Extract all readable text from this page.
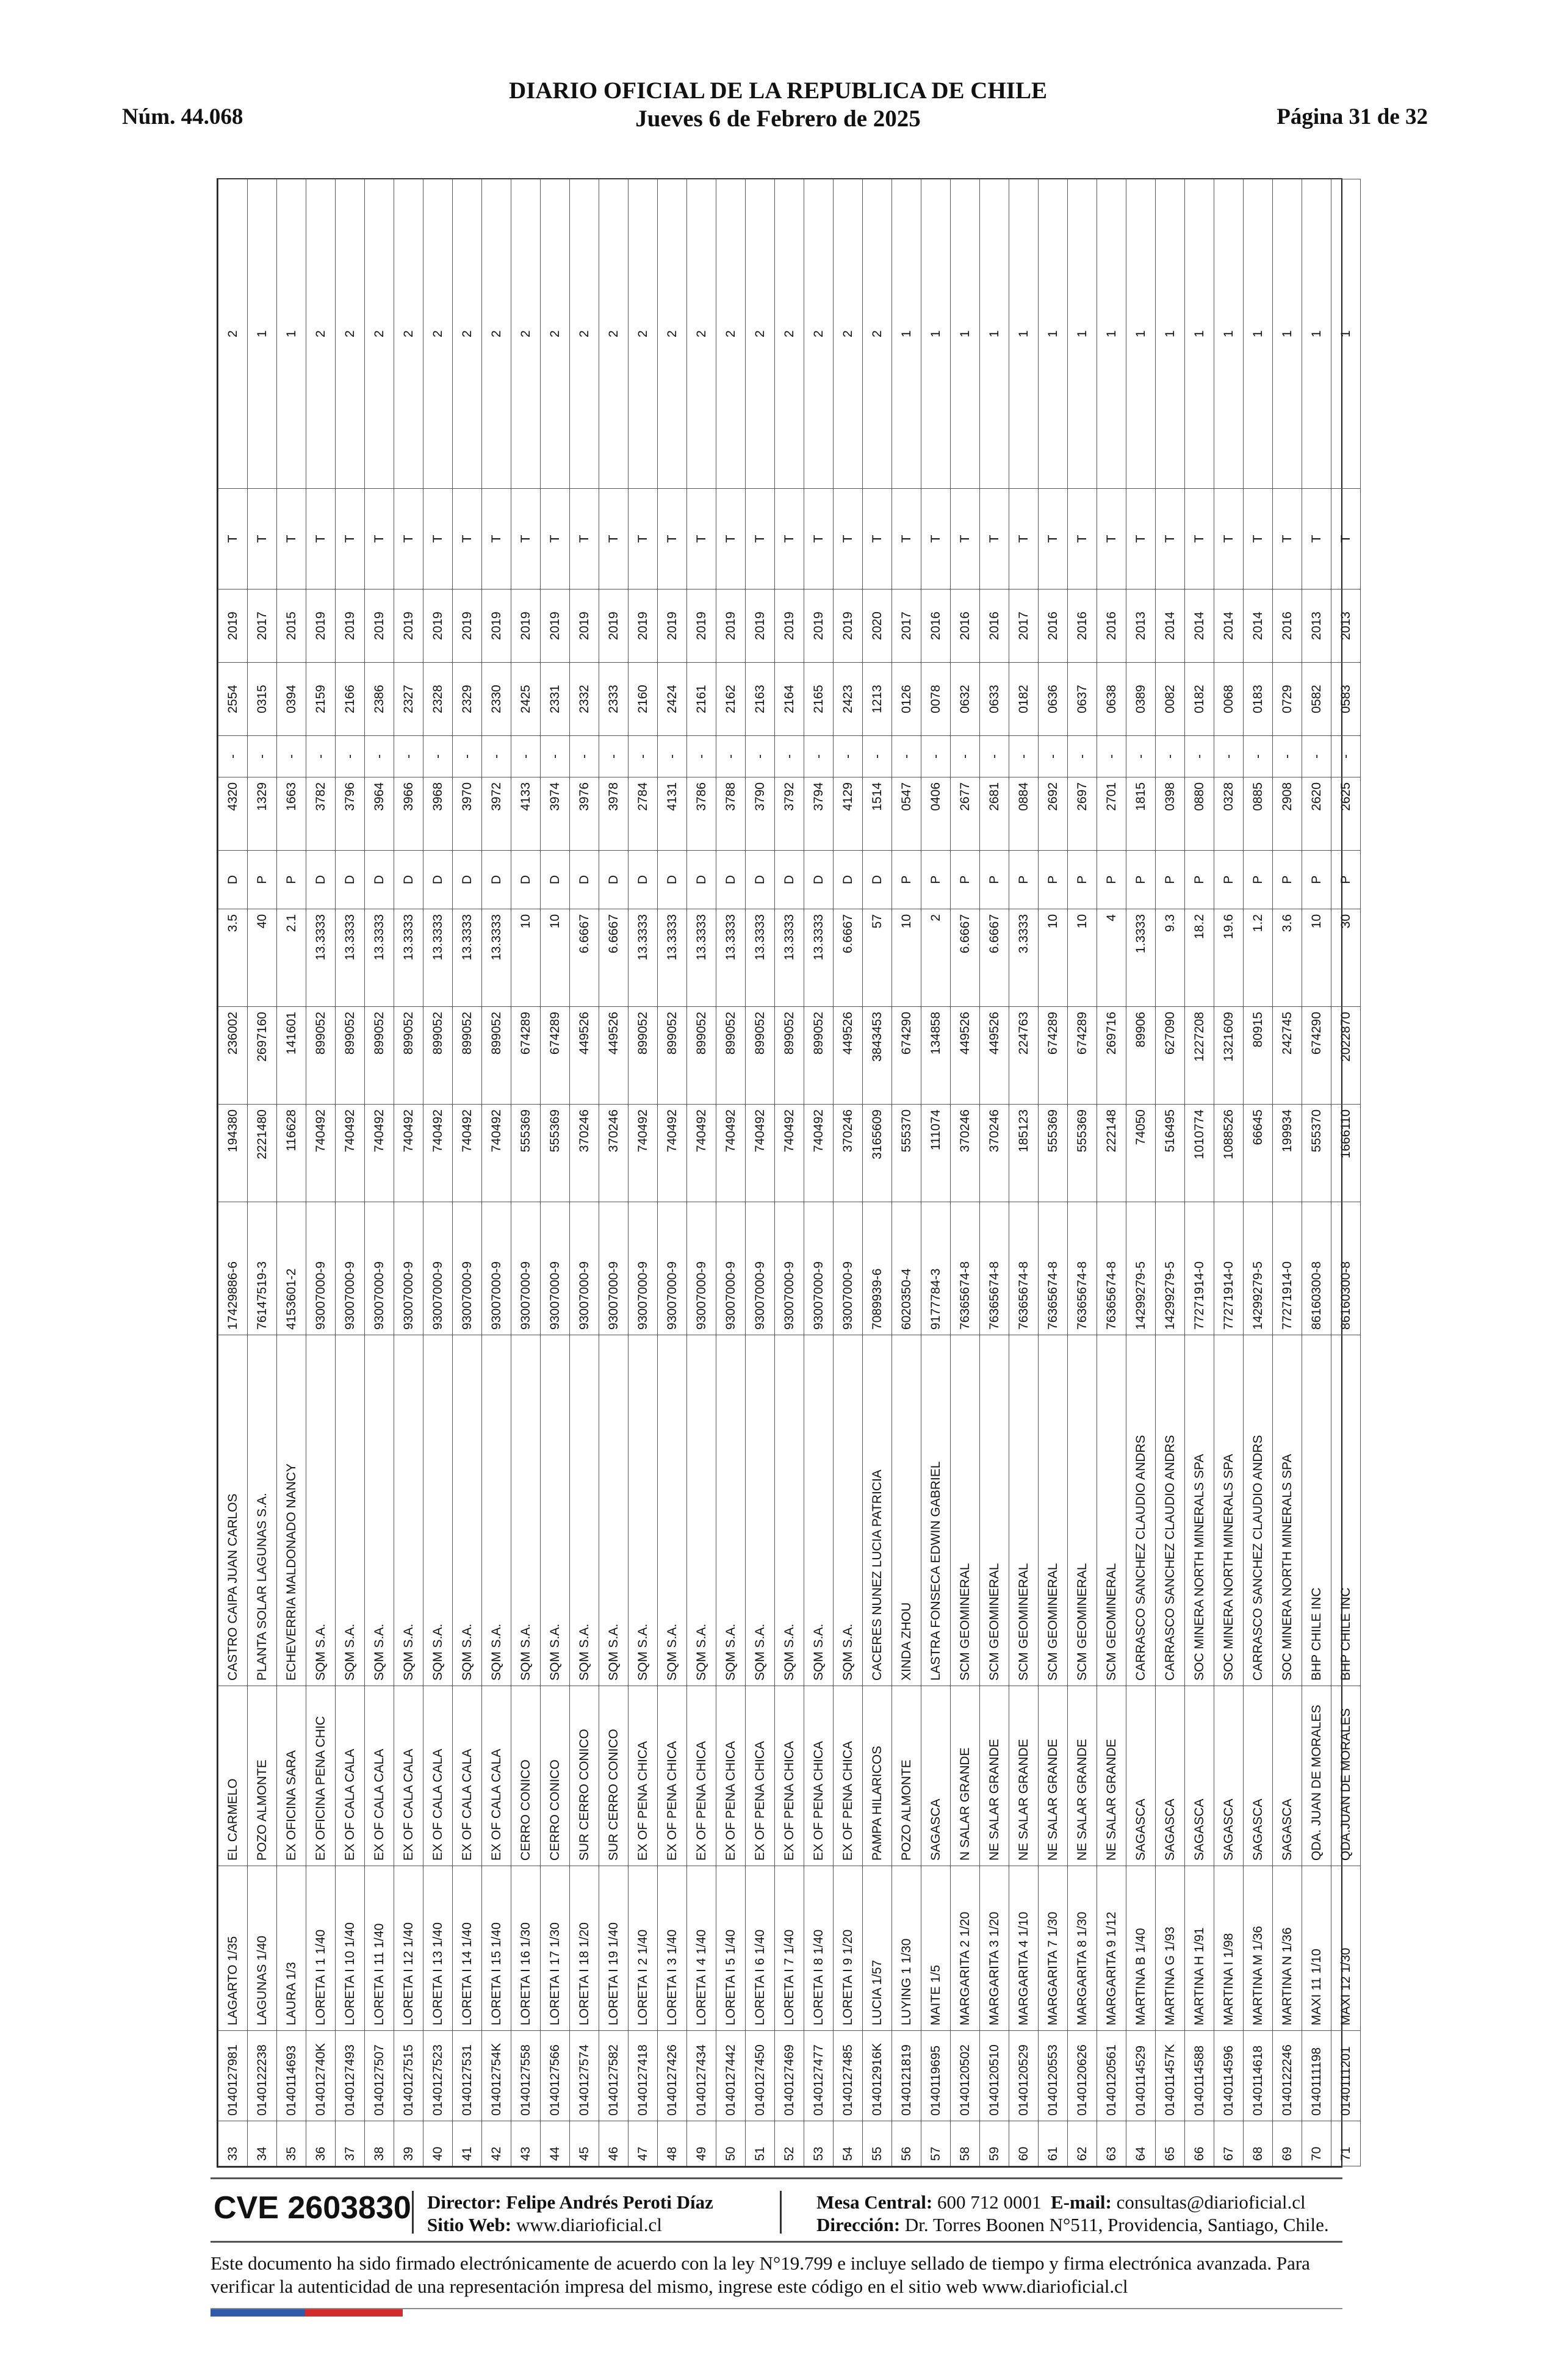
Núm. 44.068
DIARIO OFICIAL DE LA REPUBLICA DE CHILE
Jueves 6 de Febrero de 2025	Página 31 de 32
33	0140127981	LAGARTO 1/35	EL CARMELO	CASTRO CAIPA JUAN CARLOS	17429886-6	194380	236002	3.5	D	4320	-	2554	2019	T	2
34	0140122238	LAGUNAS 1/40	POZO ALMONTE	PLANTA SOLAR LAGUNAS S.A.	76147519-3	2221480	2697160	40	P	1329	-	0315	2017	T	1
35	0140114693	LAURA 1/3	EX OFICINA SARA	ECHEVERRIA MALDONADO NANCY	4153601-2	116628	141601	2.1	P	1663	-	0394	2015	T	1
36	014012740K	LORETA I 1 1/40	EX OFICINA PENA CHIC	SQM S.A.	93007000-9	740492	899052	13.3333	D	3782	-	2159	2019	T	2
37	0140127493	LORETA I 10 1/40	EX OF CALA CALA	SQM S.A.	93007000-9	740492	899052	13.3333	D	3796	-	2166	2019	T	2
38	0140127507	LORETA I 11 1/40	EX OF CALA CALA	SQM S.A.	93007000-9	740492	899052	13.3333	D	3964	-	2386	2019	T	2
39	0140127515	LORETA I 12 1/40	EX OF CALA CALA	SQM S.A.	93007000-9	740492	899052	13.3333	D	3966	-	2327	2019	T	2
40	0140127523	LORETA I 13 1/40	EX OF CALA CALA	SQM S.A.	93007000-9	740492	899052	13.3333	D	3968	-	2328	2019	T	2
41	0140127531	LORETA I 14 1/40	EX OF CALA CALA	SQM S.A.	93007000-9	740492	899052	13.3333	D	3970	-	2329	2019	T	2
42	014012754K	LORETA I 15 1/40	EX OF CALA CALA	SQM S.A.	93007000-9	740492	899052	13.3333	D	3972	-	2330	2019	T	2
43	0140127558	LORETA I 16 1/30	CERRO CONICO	SQM S.A.	93007000-9	555369	674289	10	D	4133	-	2425	2019	T	2
44	0140127566	LORETA I 17 1/30	CERRO CONICO	SQM S.A.	93007000-9	555369	674289	10	D	3974	-	2331	2019	T	2
45	0140127574	LORETA I 18 1/20	SUR CERRO CONICO	SQM S.A.	93007000-9	370246	449526	6.6667	D	3976	-	2332	2019	T	2
46	0140127582	LORETA I 19 1/40	SUR CERRO CONICO	SQM S.A.	93007000-9	370246	449526	6.6667	D	3978	-	2333	2019	T	2
47	0140127418	LORETA I 2 1/40	EX OF PENA CHICA	SQM S.A.	93007000-9	740492	899052	13.3333	D	2784	-	2160	2019	T	2
48	0140127426	LORETA I 3 1/40	EX OF PENA CHICA	SQM S.A.	93007000-9	740492	899052	13.3333	D	4131	-	2424	2019	T	2
49	0140127434	LORETA I 4 1/40	EX OF PENA CHICA	SQM S.A.	93007000-9	740492	899052	13.3333	D	3786	-	2161	2019	T	2
50	0140127442	LORETA I 5 1/40	EX OF PENA CHICA	SQM S.A.	93007000-9	740492	899052	13.3333	D	3788	-	2162	2019	T	2
51	0140127450	LORETA I 6 1/40	EX OF PENA CHICA	SQM S.A.	93007000-9	740492	899052	13.3333	D	3790	-	2163	2019	T	2
52	0140127469	LORETA I 7 1/40	EX OF PENA CHICA	SQM S.A.	93007000-9	740492	899052	13.3333	D	3792	-	2164	2019	T	2
53	0140127477	LORETA I 8 1/40	EX OF PENA CHICA	SQM S.A.	93007000-9	740492	899052	13.3333	D	3794	-	2165	2019	T	2
54	0140127485	LORETA I 9 1/20	EX OF PENA CHICA	SQM S.A.	93007000-9	370246	449526	6.6667	D	4129	-	2423	2019	T	2
55	014012916K	LUCIA 1/57	PAMPA HILARICOS	CACERES NUNEZ LUCIA PATRICIA	7089939-6	3165609	3843453	57	D	1514	-	1213	2020	T	2
56	0140121819	LUYING 1 1/30	POZO ALMONTE	XINDA ZHOU	6020350-4	555370	674290	10	P	0547	-	0126	2017	T	1
57	0140119695	MAITE 1/5	SAGASCA	LASTRA FONSECA EDWIN GABRIEL	9177784-3	111074	134858	2	P	0406	-	0078	2016	T	1
58	0140120502	MARGARITA 2 1/20	N SALAR GRANDE	SCM GEOMINERAL	76365674-8	370246	449526	6.6667	P	2677	-	0632	2016	T	1
59	0140120510	MARGARITA 3 1/20	NE SALAR GRANDE	SCM GEOMINERAL	76365674-8	370246	449526	6.6667	P	2681	-	0633	2016	T	1
60	0140120529	MARGARITA 4 1/10	NE SALAR GRANDE	SCM GEOMINERAL	76365674-8	185123	224763	3.3333	P	0884	-	0182	2017	T	1
61	0140120553	MARGARITA 7 1/30	NE SALAR GRANDE	SCM GEOMINERAL	76365674-8	555369	674289	10	P	2692	-	0636	2016	T	1
62	0140120626	MARGARITA 8 1/30	NE SALAR GRANDE	SCM GEOMINERAL	76365674-8	555369	674289	10	P	2697	-	0637	2016	T	1
63	0140120561	MARGARITA 9 1/12	NE SALAR GRANDE	SCM GEOMINERAL	76365674-8	222148	269716	4	P	2701	-	0638	2016	T	1
64	0140114529	MARTINA B 1/40	SAGASCA	CARRASCO SANCHEZ CLAUDIO ANDRS	14299279-5	74050	89906	1.3333	P	1815	-	0389	2013	T	1
65	014011457K	MARTINA G 1/93	SAGASCA	CARRASCO SANCHEZ CLAUDIO ANDRS	14299279-5	516495	627090	9.3	P	0398	-	0082	2014	T	1
66	0140114588	MARTINA H 1/91	SAGASCA	SOC MINERA NORTH MINERALS SPA	77271914-0	1010774	1227208	18.2	P	0880	-	0182	2014	T	1
67	0140114596	MARTINA I 1/98	SAGASCA	SOC MINERA NORTH MINERALS SPA	77271914-0	1088526	1321609	19.6	P	0328	-	0068	2014	T	1
68	0140114618	MARTINA M 1/36	SAGASCA	CARRASCO SANCHEZ CLAUDIO ANDRS	14299279-5	66645	80915	1.2	P	0885	-	0183	2014	T	1
69	0140122246	MARTINA N 1/36	SAGASCA	SOC MINERA NORTH MINERALS SPA	77271914-0	199934	242745	3.6	P	2908	-	0729	2016	T	1
70	0140111198	MAXI 11 1/10	QDA. JUAN DE MORALES	BHP CHILE INC	86160300-8	555370	674290	10	P	2620	-	0582	2013	T	1
71	0140111201	MAXI 12 1/30	QDA.JUAN DE MORALES	BHP CHILE INC	86160300-8	1666110	2022870	30	P	2625	-	0583	2013	T	1
CVE 2603830 Director: Felipe Andrés Peroti Díaz
Sitio Web: www.diarioficial.cl
Mesa Central: 600 712 0001 E-mail: consultas@diarioficial.cl
Dirección: Dr. Torres Boonen N°511, Providencia, Santiago, Chile.
Este documento ha sido firmado electrónicamente de acuerdo con la ley N°19.799 e incluye sellado de tiempo y firma electrónica avanzada. Para verificar la autenticidad de una representación impresa del mismo, ingrese este código en el sitio web www.diarioficial.cl
